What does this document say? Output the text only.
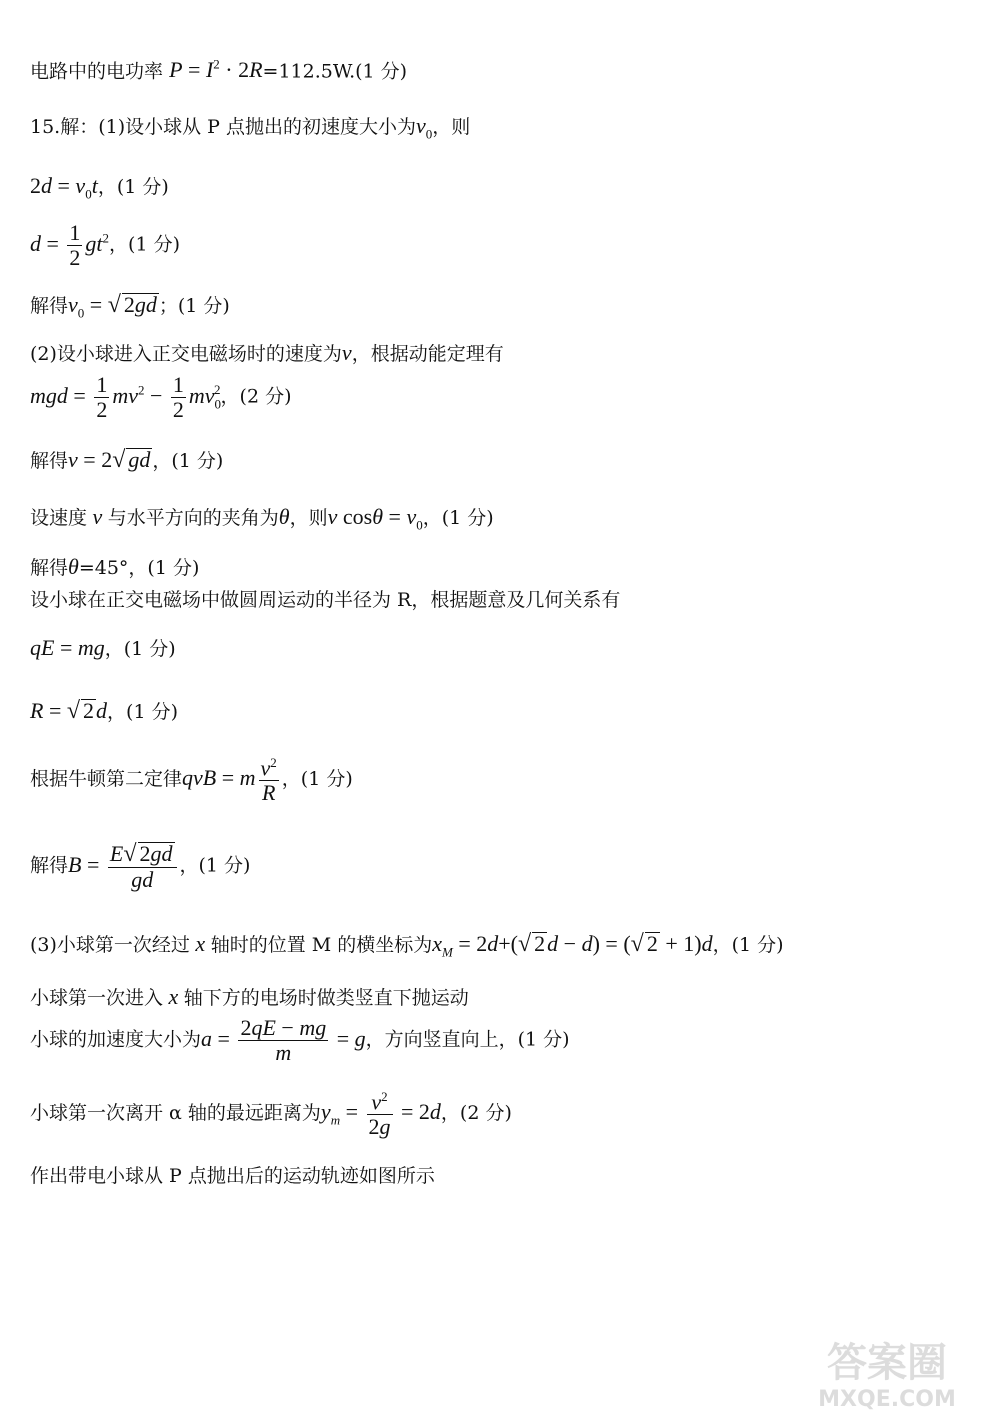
电路中的电功率 $P = I^2 \cdot 2R=112.5W.(1$ 分)
15.解：(1)设小球从 P 点抛出的初速度大小为$v_0$，则
$2d = v_0t$，(1 分)
$d = \frac{1}{2} gt^2$，(1 分)
解得$v_0$ = √ 2gd ；(1 分)
(2)设小球进入正交电磁场时的速度为v，根据动能定理有
mgd = $\frac{1}{2} mv^2 - \frac{1}{2} mv_0^2$，(2 分)
解得v = 2√ gd ，(1 分)
设速度 v 与水平方向的夹角为θ，则v $\cos\theta = v_0$，(1 分)
解得θ=45°，(1 分)
设小球在正交电磁场中做圆周运动的半径为 R，根据题意及几何关系有
qE = mg，(1 分)
R = √ 2d，(1 分)
根据牛顿第二定律qvB = m $\frac{v^2}{R}$ ，(1 分)
解得$B = \frac{E√ 2gd}{gd}$ ，(1 分)
(3)小球第一次经过 x 轴时的位置 M 的横坐标为$x_M = 2d+(√$ 2d − d) = (√ 2 + 1)d，(1 分)
小球第一次进入 x 轴下方的电场时做类竖直下抛运动
小球的加速度大小为$a = \frac{2qE - mg}{m} = g$，方向竖直向上，(1 分)
小球第一次离开 α 轴的最远距离为$y_m = \frac{v^2}{2g} = 2d$，(2 分)
作出带电小球从 P 点抛出后的运动轨迹如图所示
答案圈
MXQE.COM
